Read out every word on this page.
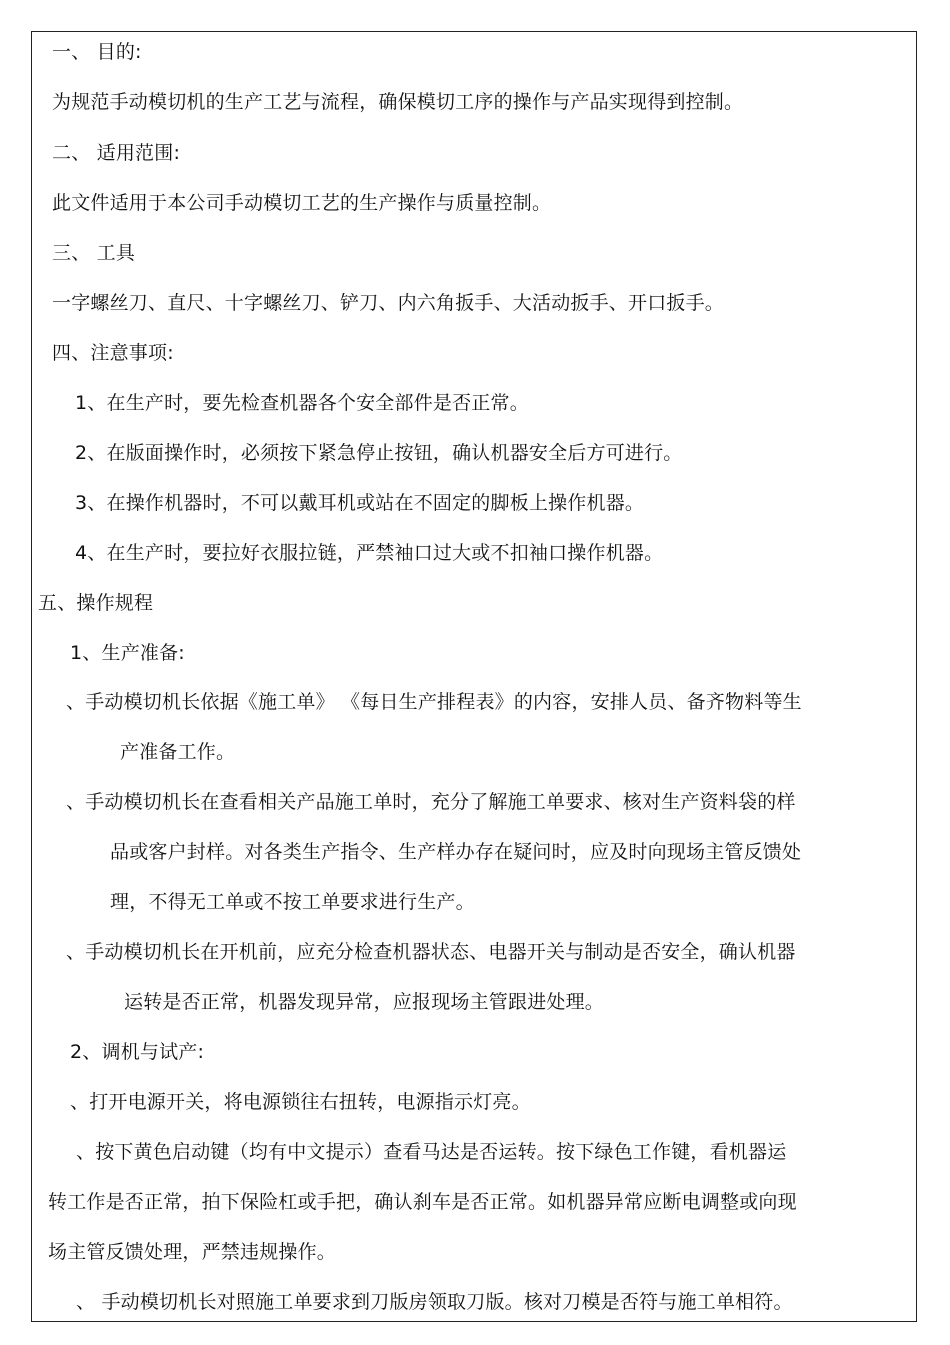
一、 目的:
为规范手动模切机的生产工艺与流程，确保模切工序的操作与产品实现得到控制。
二、 适用范围:
此文件适用于本公司手动模切工艺的生产操作与质量控制。
三、 工具
一字螺丝刀、直尺、十字螺丝刀、铲刀、内六角扳手、大活动扳手、开口扳手。
四、注意事项:
1、在生产时，要先检查机器各个安全部件是否正常。
2、在版面操作时，必须按下紧急停止按钮，确认机器安全后方可进行。
3、在操作机器时，不可以戴耳机或站在不固定的脚板上操作机器。
4、在生产时，要拉好衣服拉链，严禁袖口过大或不扣袖口操作机器。
五、操作规程
1、生产准备:
、手动模切机长依据《施工单》 《每日生产排程表》的内容，安排人员、备齐物料等生
产准备工作。
、手动模切机长在查看相关产品施工单时，充分了解施工单要求、核对生产资料袋的样
品或客户封样。对各类生产指令、生产样办存在疑问时，应及时向现场主管反馈处
理，不得无工单或不按工单要求进行生产。
、手动模切机长在开机前，应充分检查机器状态、电器开关与制动是否安全，确认机器
运转是否正常，机器发现异常，应报现场主管跟进处理。
2、调机与试产:
、打开电源开关，将电源锁往右扭转，电源指示灯亮。
、按下黄色启动键（均有中文提示）查看马达是否运转。按下绿色工作键，看机器运
转工作是否正常，拍下保险杠或手把，确认刹车是否正常。如机器异常应断电调整或向现
场主管反馈处理，严禁违规操作。
、 手动模切机长对照施工单要求到刀版房领取刀版。核对刀模是否符与施工单相符。
